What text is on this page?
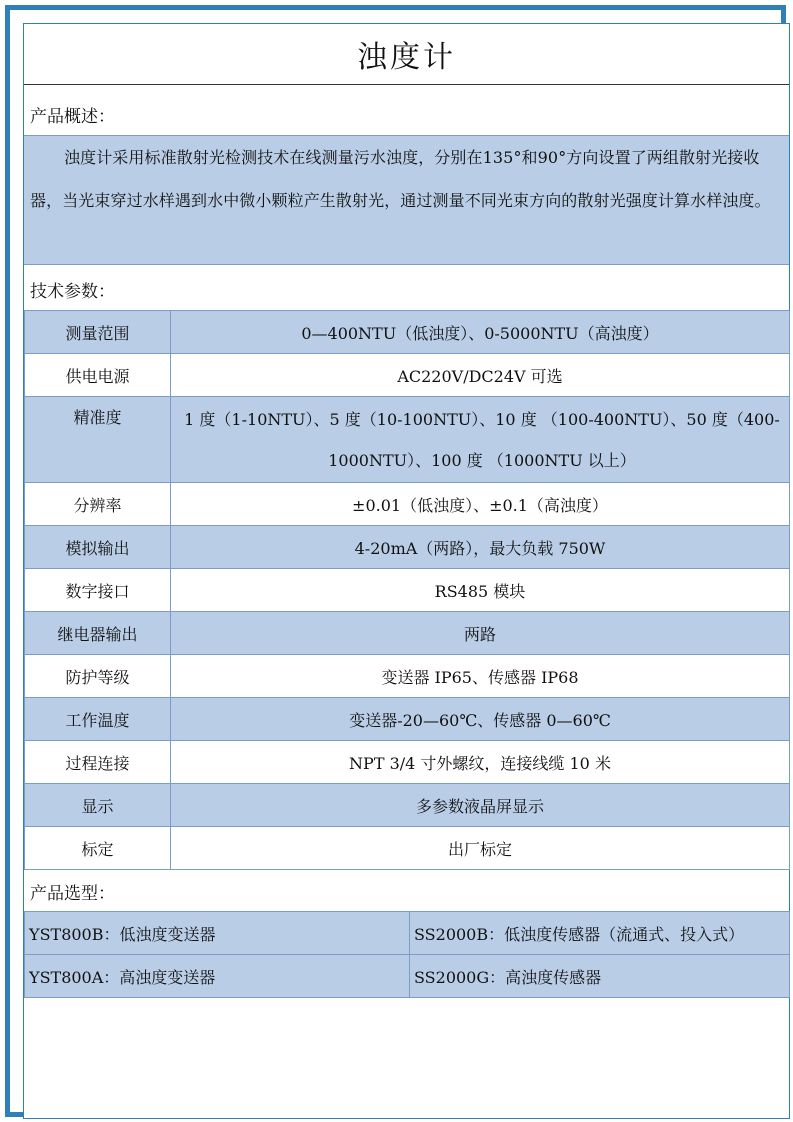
浊度计
产品概述：

浊度计采用标准散射光检测技术在线测量污水浊度，分别在135°和90°方向设置了两组散射光接收器，当光束穿过水样遇到水中微小颗粒产生散射光，通过测量不同光束方向的散射光强度计算水样浊度。

技术参数：
测量范围	0—400NTU（低浊度）、0-5000NTU（高浊度）
供电电源	AC220V/DC24V 可选
精准度	1 度（1-10NTU）、5 度（10-100NTU）、10 度 （100-400NTU）、50 度（400-1000NTU）、100 度 （1000NTU 以上）

分辨率	±0.01（低浊度）、±0.1（高浊度）
模拟输出	4-20mA（两路），最大负载 750W
数字接口	RS485 模块
继电器输出	两路
防护等级	变送器 IP65、传感器 IP68
工作温度	变送器-20—60℃、传感器 0—60℃
过程连接	NPT 3/4 寸外螺纹，连接线缆 10 米
显示	多参数液晶屏显示
标定	出厂标定
产品选型：
YST800B：低浊度变送器	SS2000B：低浊度传感器（流通式、投入式）
YST800A：高浊度变送器	SS2000G：高浊度传感器
